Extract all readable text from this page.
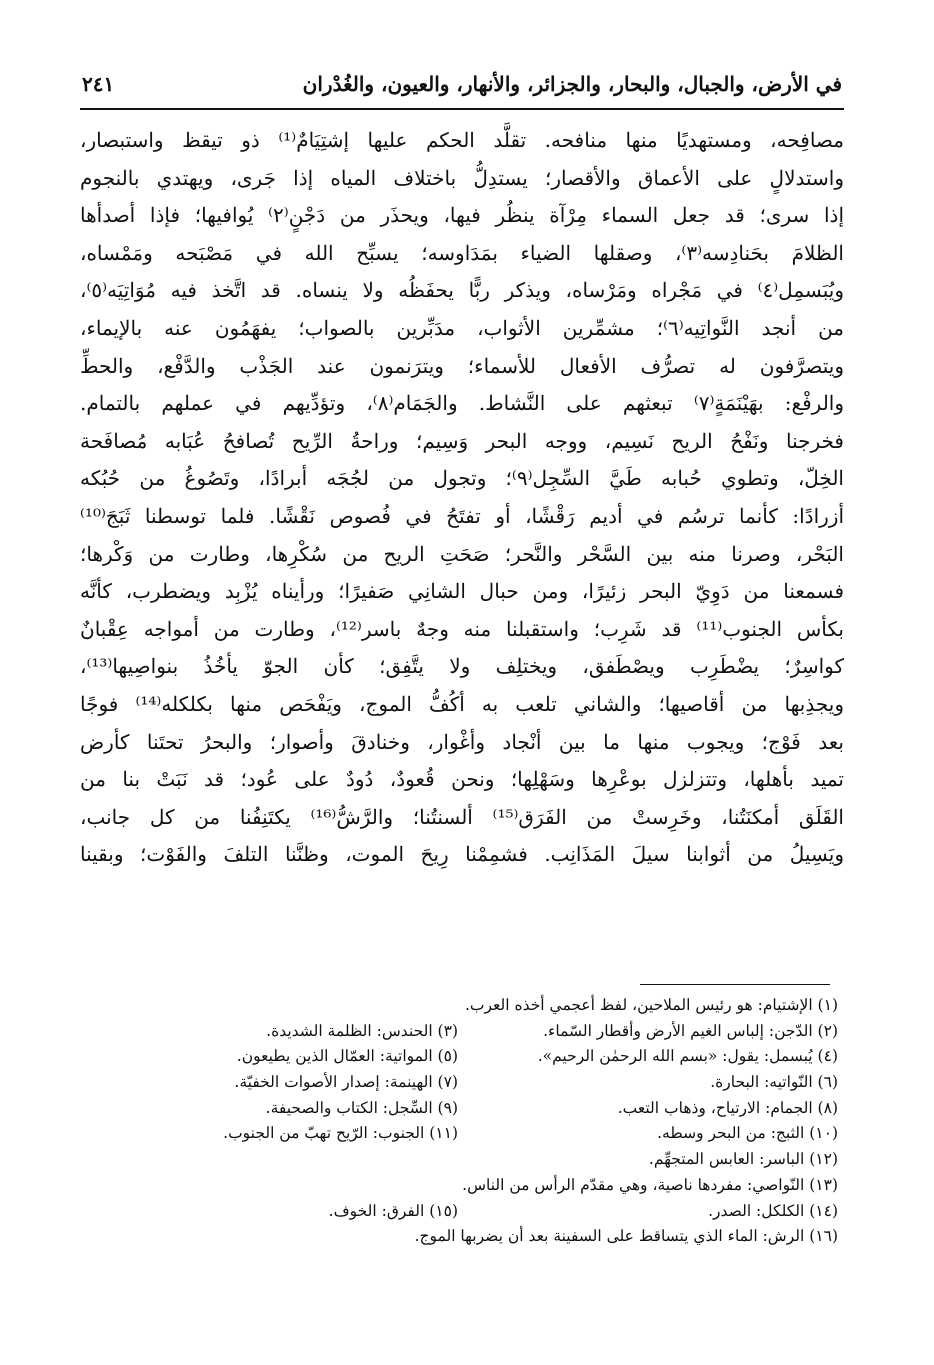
في الأرض، والجبال، والبحار، والجزائر، والأنهار، والعيون، والغُدْران
٢٤١
مصافِحه، ومستهديًا منها منافحه. تقلَّد الحكم عليها إشتِيَامٌ⁽¹⁾ ذو تيقظ واستبصار،
واستدلالٍ على الأعماق والأقصار؛ يستدِلُّ باختلاف المياه إذا جَرى، ويهتدي بالنجوم
إذا سرى؛ قد جعل السماء مِرْآة ينظُر فيها، ويحذَر من دَجْنٍ⁽٢⁾ يُوافيها؛ فإذا أصدأها
الظلامَ بحَنادِسه⁽٣⁾، وصقلها الضياء بمَدَاوسه؛ يسبِّح الله في مَصْبَحه ومَمْساه،
ويُبَسمِل⁽٤⁾ في مَجْراه ومَرْساه، ويذكر ربًّا يحفَظُه ولا ينساه. قد اتَّخذ فيه مُوَاتِيَه⁽٥⁾،
من أنجد النَّواتِيه⁽٦⁾؛ مشمِّرين الأثواب، مدَبِّرين بالصواب؛ يفهَمُون عنه بالإيماء،
ويتصرَّفون له تصرُّف الأفعال للأسماء؛ ويترَنمون عند الجَذْب والدَّفْع، والحطِّ
والرفْع: بهَيْنَمَةٍ⁽٧⁾ تبعثهم على النَّشاط. والجَمَام⁽٨⁾، وتؤدِّيهم في عملهم بالتمام.
فخرجنا ونَفْحُ الريح نَسِيم، ووجه البحر وَسِيم؛ وراحةُ الرِّيح تُصافحُ عُبَابه مُصافَحة
الخِلّ، وتطوي حُبابه طَيَّ السِّجِل⁽٩⁾؛ وتجول من لجُجَه أبرادًا، وتَصُوغُ من حُبُكه
أزرادًا: كأنما ترسُم في أديم رَقْشًا، أو تفتَحُ في فُصوص نَقْشًا. فلما توسطنا ثَبَجَ⁽¹⁰⁾
البَحْر، وصرنا منه بين السَّحْر والنَّحر؛ صَحَتِ الريح من سُكْرِها، وطارت من وَكْرها؛
فسمعنا من دَوِيّ البحر زئيرًا، ومن حبال الشانِي صَفيرًا؛ ورأيناه يُزْبِد ويضطرب، كأنَّه
بكأس الجنوب⁽¹¹⁾ قد شَرِب؛ واستقبلنا منه وجهٌ باسر⁽¹²⁾، وطارت من أمواجه عِقْبانٌ
كواسِرٌ؛ يضْطَرِب ويصْطَفق، ويختلِف ولا يتَّفِق؛ كأن الجوّ يأخُذُ بنواصِيها⁽¹³⁾،
ويجذِبها من أقاصيها؛ والشاني تلعب به أكُفُّ الموج، ويَفْحَص منها بكلكله⁽¹⁴⁾ فوجًا
بعد فَوْج؛ ويجوب منها ما بين أنْجاد وأغْوار، وخنادقَ وأصوار؛ والبحرُ تحتَنا كأرض
تميد بأهلها، وتتزلزل بوعْرِها وسَهْلِها؛ ونحن قُعودٌ، دُودٌ على عُود؛ قد نَبَتْ بنا من
القَلَق أمكنَتُنا، وخَرِستْ من الفَرَق⁽¹⁵⁾ ألسنتُنا؛ والرَّشُّ⁽¹⁶⁾ يكتَنِفُنا من كل جانب،
ويَسِيلُ من أثوابنا سيلَ المَذَانِب. فشمِمْنا رِيحَ الموت، وظنَّنا التلفَ والفَوْت؛ وبقينا
(١) الإشتيام: هو رئيس الملاحين، لفظ أعجمي أخذه العرب.
(٢) الدّجن: إلباس الغيم الأرض وأقطار السّماء.
(٣) الحندس: الظلمة الشديدة.
(٤) يُبسمل: يقول: «بسم الله الرحمٰن الرحيم».
(٥) المواتية: العمّال الذين يطيعون.
(٦) النّواتيه: البحارة.
(٧) الهينمة: إصدار الأصوات الخفيّة.
(٨) الجمام: الارتياح، وذهاب التعب.
(٩) السِّجل: الكتاب والصحيفة.
(١٠) الثبج: من البحر وسطه.
(١١) الجنوب: الرّيح تهبّ من الجنوب.
(١٢) الباسر: العابس المتجهِّم.
(١٣) النّواصي: مفردها ناصية، وهي مقدّم الرأس من الناس.
(١٤) الكلكل: الصدر.
(١٥) الفرق: الخوف.
(١٦) الرش: الماء الذي يتساقط على السفينة بعد أن يضربها الموج.
